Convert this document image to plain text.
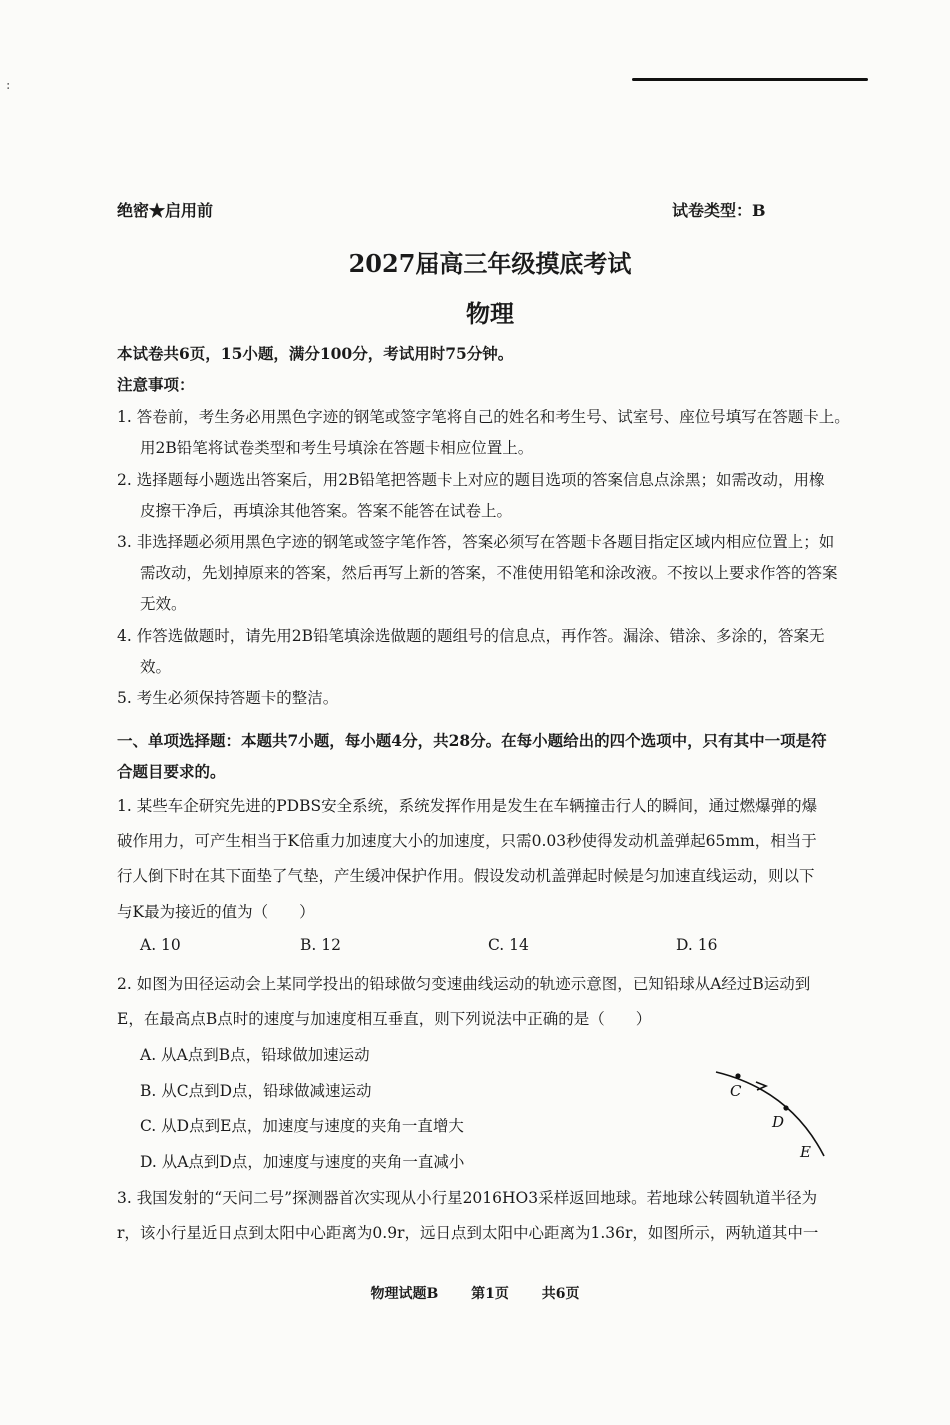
:
绝密★启用前	试卷类型：B
2027届高三年级摸底考试
物理
本试卷共6页，15小题，满分100分，考试用时75分钟。
注意事项：
1. 答卷前，考生务必用黑色字迹的钢笔或签字笔将自己的姓名和考生号、试室号、座位号填写在答题卡上。
用2B铅笔将试卷类型和考生号填涂在答题卡相应位置上。
2. 选择题每小题选出答案后，用2B铅笔把答题卡上对应的题目选项的答案信息点涂黑；如需改动，用橡
皮擦干净后，再填涂其他答案。答案不能答在试卷上。
3. 非选择题必须用黑色字迹的钢笔或签字笔作答，答案必须写在答题卡各题目指定区域内相应位置上；如
需改动，先划掉原来的答案，然后再写上新的答案，不准使用铅笔和涂改液。不按以上要求作答的答案
无效。
4. 作答选做题时，请先用2B铅笔填涂选做题的题组号的信息点，再作答。漏涂、错涂、多涂的，答案无
效。
5. 考生必须保持答题卡的整洁。
一、单项选择题：本题共7小题，每小题4分，共28分。在每小题给出的四个选项中，只有其中一项是符
合题目要求的。
1. 某些车企研究先进的PDBS安全系统，系统发挥作用是发生在车辆撞击行人的瞬间，通过燃爆弹的爆
破作用力，可产生相当于K倍重力加速度大小的加速度，只需0.03秒使得发动机盖弹起65mm，相当于
行人倒下时在其下面垫了气垫，产生缓冲保护作用。假设发动机盖弹起时候是匀加速直线运动，则以下
与K最为接近的值为（　　）
A. 10	B. 12	C. 14	D. 16
2. 如图为田径运动会上某同学投出的铅球做匀变速曲线运动的轨迹示意图，已知铅球从A经过B运动到
E，在最高点B点时的速度与加速度相互垂直，则下列说法中正确的是（　　）
A. 从A点到B点，铅球做加速运动
B. 从C点到D点，铅球做减速运动
C. 从D点到E点，加速度与速度的夹角一直增大
D. 从A点到D点，加速度与速度的夹角一直减小
C
D
E
3. 我国发射的“天问二号”探测器首次实现从小行星2016HO3采样返回地球。若地球公转圆轨道半径为
r，该小行星近日点到太阳中心距离为0.9r，远日点到太阳中心距离为1.36r，如图所示，两轨道其中一
物理试题B 第1页 共6页
